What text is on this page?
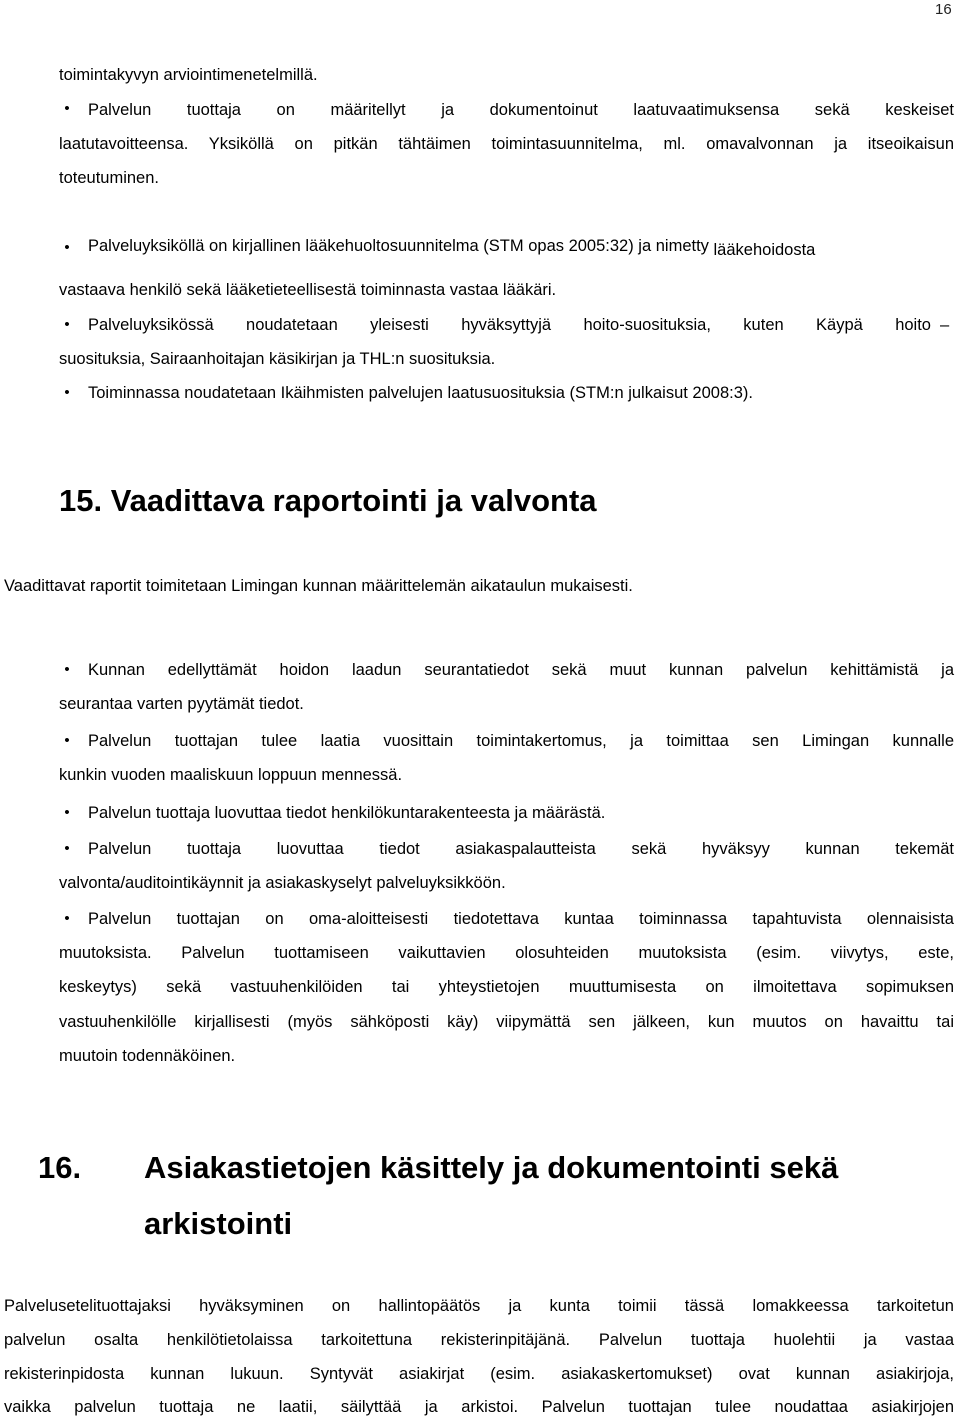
16
toimintakyvyn arviointimenetelmillä.
• Palvelun tuottaja on määritellyt ja dokumentoinut laatuvaatimuksensa sekä keskeiset
laatutavoitteensa. Yksiköllä on pitkän tähtäimen toimintasuunnitelma, ml. omavalvonnan ja itseoikaisun
toteutuminen.
• Palveluyksiköllä on kirjallinen lääkehuoltosuunnitelma (STM opas 2005:32) ja nimetty lääkehoidosta
vastaava henkilö sekä lääketieteellisestä toiminnasta vastaa lääkäri.
• Palveluyksikössä noudatetaan yleisesti hyväksyttyjä hoito-suosituksia, kuten Käypä hoito –
suosituksia, Sairaanhoitajan käsikirjan ja THL:n suosituksia.
• Toiminnassa noudatetaan Ikäihmisten palvelujen laatusuosituksia (STM:n julkaisut 2008:3).
15. Vaadittava raportointi ja valvonta
Vaadittavat raportit toimitetaan Limingan kunnan määrittelemän aikataulun mukaisesti.
• Kunnan edellyttämät hoidon laadun seurantatiedot sekä muut kunnan palvelun kehittämistä ja
seurantaa varten pyytämät tiedot.
• Palvelun tuottajan tulee laatia vuosittain toimintakertomus, ja toimittaa sen Limingan kunnalle
kunkin vuoden maaliskuun loppuun mennessä.
• Palvelun tuottaja luovuttaa tiedot henkilökuntarakenteesta ja määrästä.
• Palvelun tuottaja luovuttaa tiedot asiakaspalautteista sekä hyväksyy kunnan tekemät
valvonta/auditointikäynnit ja asiakaskyselyt palveluyksikköön.
• Palvelun tuottajan on oma-aloitteisesti tiedotettava kuntaa toiminnassa tapahtuvista olennaisista
muutoksista. Palvelun tuottamiseen vaikuttavien olosuhteiden muutoksista (esim. viivytys, este,
keskeytys) sekä vastuuhenkilöiden tai yhteystietojen muuttumisesta on ilmoitettava sopimuksen
vastuuhenkilölle kirjallisesti (myös sähköposti käy) viipymättä sen jälkeen, kun muutos on havaittu tai
muutoin todennäköinen.
16. Asiakastietojen käsittely ja dokumentointi sekä
arkistointi
Palvelusetelituottajaksi hyväksyminen on hallintopäätös ja kunta toimii tässä lomakkeessa tarkoitetun
palvelun osalta henkilötietolaissa tarkoitettuna rekisterinpitäjänä. Palvelun tuottaja huolehtii ja vastaa
rekisterinpidosta kunnan lukuun. Syntyvät asiakirjat (esim. asiakaskertomukset) ovat kunnan asiakirjoja,
vaikka palvelun tuottaja ne laatii, säilyttää ja arkistoi. Palvelun tuottajan tulee noudattaa asiakirjojen
